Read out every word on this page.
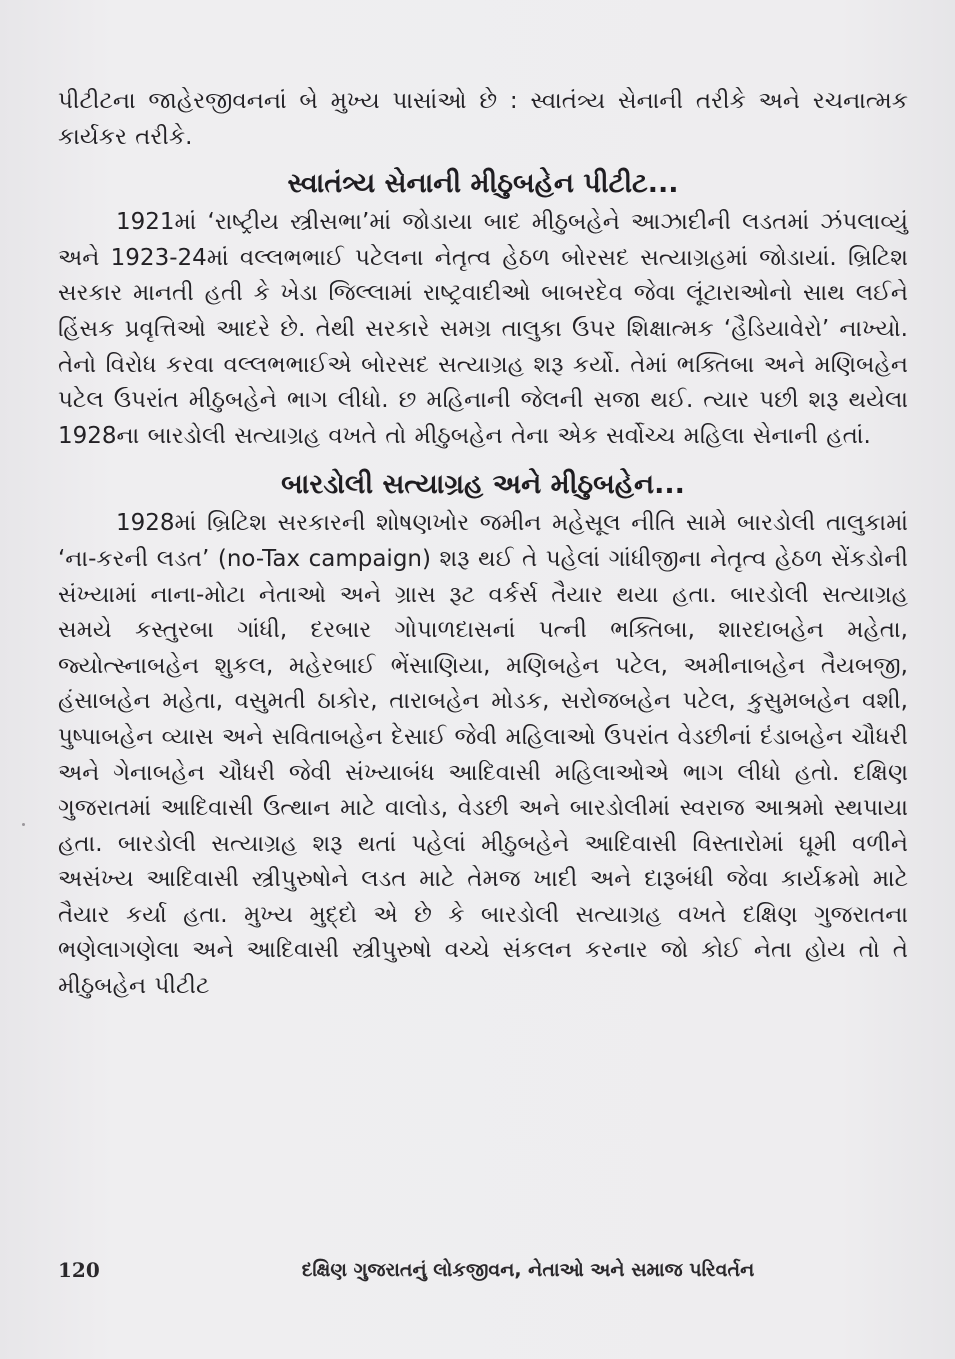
પીટીટના જાહેરજીવનનાં બે મુખ્ય પાસાંઓ છે : સ્વાતંત્ર્ય સેનાની તરીકે અને રચનાત્મક કાર્યકર તરીકે.

સ્વાતંત્ર્ય સેનાની મીઠુબહેન પીટીટ...

1921માં ‘રાષ્ટ્રીય સ્ત્રીસભા’માં જોડાયા બાદ મીઠુબહેને આઝાદીની લડતમાં ઝંપલાવ્યું અને 1923-24માં વલ્લભભાઈ પટેલના નેતૃત્વ હેઠળ બોરસદ સત્યાગ્રહમાં જોડાયાં. બ્રિટિશ સરકાર માનતી હતી કે ખેડા જિલ્લામાં રાષ્ટ્રવાદીઓ બાબરદેવ જેવા લૂંટારાઓનો સાથ લઈને હિંસક પ્રવૃત્તિઓ આદરે છે. તેથી સરકારે સમગ્ર તાલુકા ઉપર શિક્ષાત્મક ‘હૈડિયાવેરો’ નાખ્યો. તેનો વિરોધ કરવા વલ્લભભાઈએ બોરસદ સત્યાગ્રહ શરૂ કર્યો. તેમાં ભક્તિબા અને મણિબહેન પટેલ ઉપરાંત મીઠુબહેને ભાગ લીધો. છ મહિનાની જેલની સજા થઈ. ત્યાર પછી શરૂ થયેલા 1928ના બારડોલી સત્યાગ્રહ વખતે તો મીઠુબહેન તેના એક સર્વોચ્ચ મહિલા સેનાની હતાં.

બારડોલી સત્યાગ્રહ અને મીઠુબહેન...

1928માં બ્રિટિશ સરકારની શોષણખોર જમીન મહેસૂલ નીતિ સામે બારડોલી તાલુકામાં ‘ના-કરની લડત’ (no-Tax campaign) શરૂ થઈ તે પહેલાં ગાંધીજીના નેતૃત્વ હેઠળ સેંકડોની સંખ્યામાં નાના-મોટા નેતાઓ અને ગ્રાસ રૂટ વર્કર્સ તૈયાર થયા હતા. બારડોલી સત્યાગ્રહ સમયે કસ્તુરબા ગાંધી, દરબાર ગોપાળદાસનાં પત્ની ભક્તિબા, શારદાબહેન મહેતા, જ્યોત્સ્નાબહેન શુકલ, મહેરબાઈ ભેંસાણિયા, મણિબહેન પટેલ, અમીનાબહેન તૈયબજી, હંસાબહેન મહેતા, વસુમતી ઠાકોર, તારાબહેન મોડક, સરોજબહેન પટેલ, કુસુમબહેન વશી, પુષ્પાબહેન વ્યાસ અને સવિતાબહેન દેસાઈ જેવી મહિલાઓ ઉપરાંત વેડછીનાં દંડાબહેન ચૌધરી અને ગેનાબહેન ચૌધરી જેવી સંખ્યાબંધ આદિવાસી મહિલાઓએ ભાગ લીધો હતો. દક્ષિણ ગુજરાતમાં આદિવાસી ઉત્થાન માટે વાલોડ, વેડછી અને બારડોલીમાં સ્વરાજ આશ્રમો સ્થપાયા હતા. બારડોલી સત્યાગ્રહ શરૂ થતાં પહેલાં મીઠુબહેને આદિવાસી વિસ્તારોમાં ઘૂમી વળીને અસંખ્ય આદિવાસી સ્ત્રીપુરુષોને લડત માટે તેમજ ખાદી અને દારૂબંધી જેવા કાર્યક્રમો માટે તૈયાર કર્યા હતા. મુખ્ય મુદ્દો એ છે કે બારડોલી સત્યાગ્રહ વખતે દક્ષિણ ગુજરાતના ભણેલાગણેલા અને આદિવાસી સ્ત્રીપુરુષો વચ્ચે સંકલન કરનાર જો કોઈ નેતા હોય તો તે મીઠુબહેન પીટીટ

120	દક્ષિણ ગુજરાતનું લોકજીવન, નેતાઓ અને સમાજ પરિવર્તન
